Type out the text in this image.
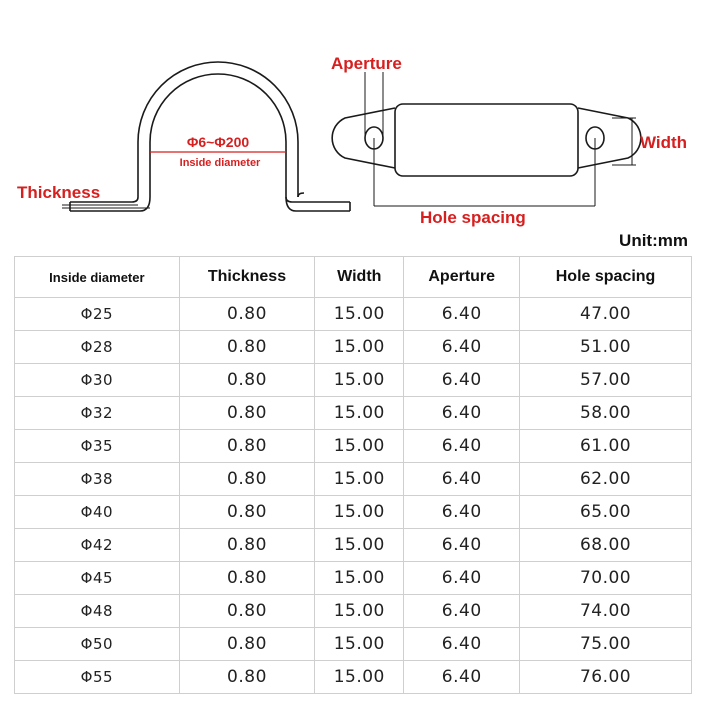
Φ6~Φ200
Inside diameter
Thickness
Aperture
Width
Hole spacing
Unit:mm
Inside diameter	Thickness	Width	Aperture	Hole spacing
Φ25	0.80	15.00	6.40	47.00
Φ28	0.80	15.00	6.40	51.00
Φ30	0.80	15.00	6.40	57.00
Φ32	0.80	15.00	6.40	58.00
Φ35	0.80	15.00	6.40	61.00
Φ38	0.80	15.00	6.40	62.00
Φ40	0.80	15.00	6.40	65.00
Φ42	0.80	15.00	6.40	68.00
Φ45	0.80	15.00	6.40	70.00
Φ48	0.80	15.00	6.40	74.00
Φ50	0.80	15.00	6.40	75.00
Φ55	0.80	15.00	6.40	76.00
